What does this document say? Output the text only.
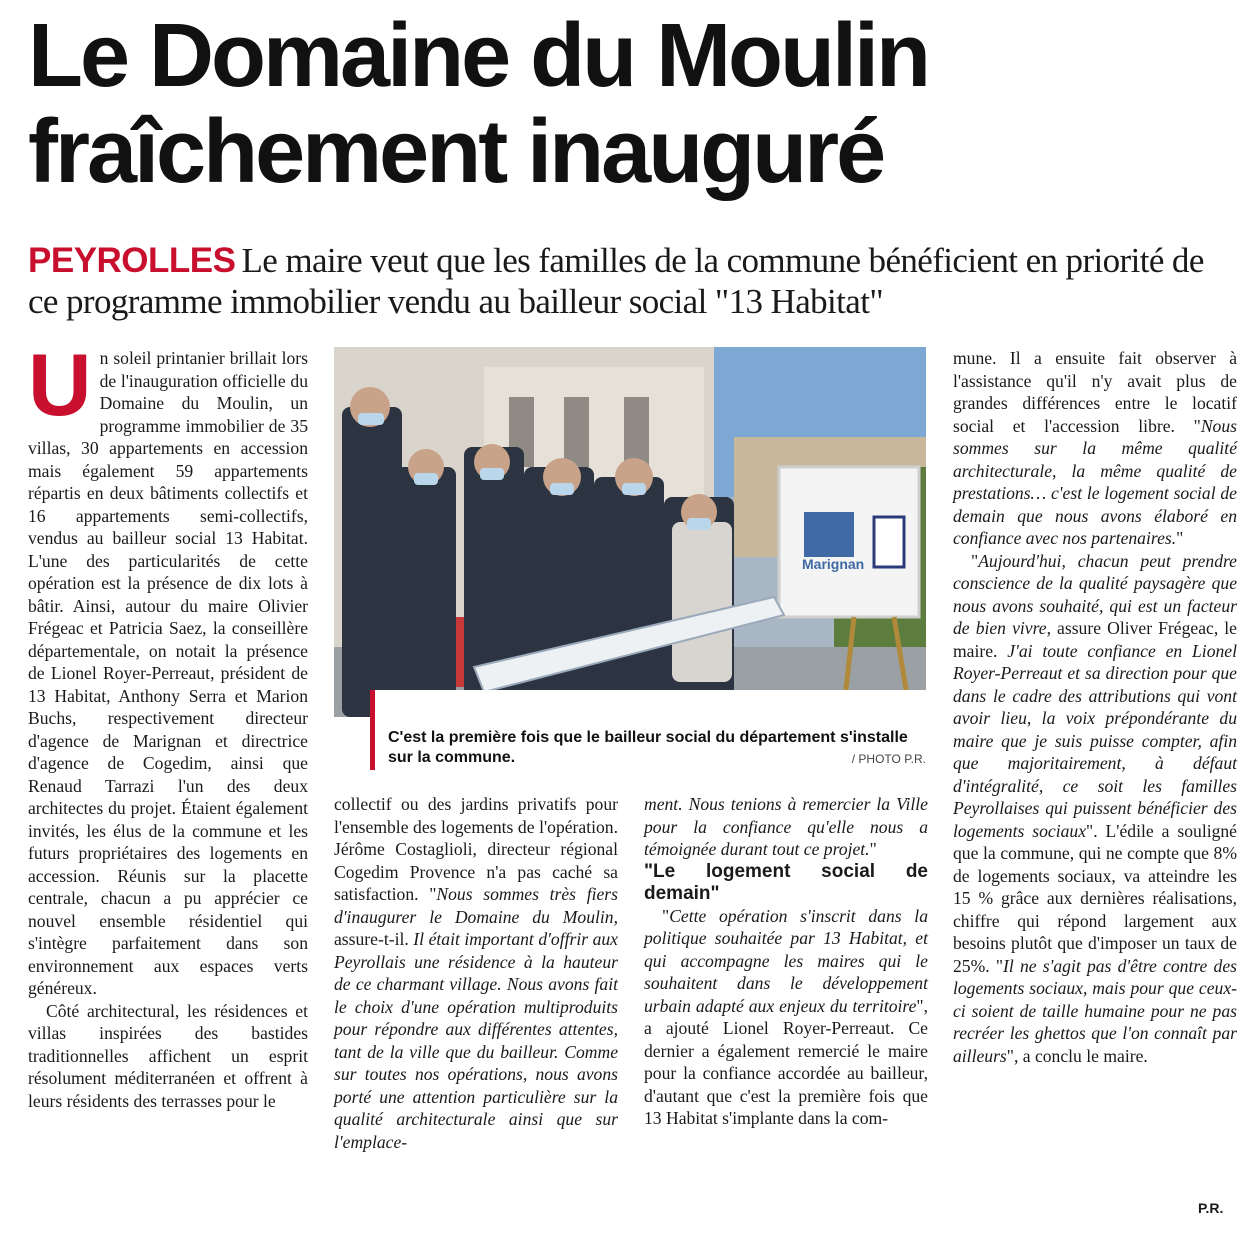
Le Domaine du Moulin
fraîchement inauguré

PEYROLLES Le maire veut que les familles de la commune bénéficient en priorité de ce programme immobilier vendu au bailleur social "13 Habitat"

Un soleil printanier brillait lors de l'inauguration officielle du Domaine du Moulin, un programme immobilier de 35 villas, 30 appartements en accession mais également 59 appartements répartis en deux bâtiments collectifs et 16 appartements semi-collectifs, vendus au bailleur social 13 Habitat. L'une des particularités de cette opération est la présence de dix lots à bâtir. Ainsi, autour du maire Olivier Frégeac et Patricia Saez, la conseillère départementale, on notait la présence de Lionel Royer-Perreaut, président de 13 Habitat, Anthony Serra et Marion Buchs, respectivement directeur d'agence de Marignan et directrice d'agence de Cogedim, ainsi que Renaud Tarrazi l'un des deux architectes du projet. Étaient également invités, les élus de la commune et les futurs propriétaires des logements en accession. Réunis sur la placette centrale, chacun a pu apprécier ce nouvel ensemble résidentiel qui s'intègre parfaitement dans son environnement aux espaces verts généreux.

Côté architectural, les résidences et villas inspirées des bastides traditionnelles affichent un esprit résolument méditerranéen et offrent à leurs résidents des terrasses pour le

Marignan

C'est la première fois que le bailleur social du département s'installe sur la commune.	/ PHOTO P.R.

collectif ou des jardins privatifs pour l'ensemble des logements de l'opération. Jérôme Costaglioli, directeur régional Cogedim Provence n'a pas caché sa satisfaction. "Nous sommes très fiers d'inaugurer le Domaine du Moulin, assure-t-il. Il était important d'offrir aux Peyrollais une résidence à la hauteur de ce charmant village. Nous avons fait le choix d'une opération multiproduits pour répondre aux différentes attentes, tant de la ville que du bailleur. Comme sur toutes nos opérations, nous avons porté une attention particulière sur la qualité architecturale ainsi que sur l'emplace-

ment. Nous tenions à remercier la Ville pour la confiance qu'elle nous a témoignée durant tout ce projet."

"Le logement social de demain"

"Cette opération s'inscrit dans la politique souhaitée par 13 Habitat, et qui accompagne les maires qui le souhaitent dans le développement urbain adapté aux enjeux du territoire", a ajouté Lionel Royer-Perreaut. Ce dernier a également remercié le maire pour la confiance accordée au bailleur, d'autant que c'est la première fois que 13 Habitat s'implante dans la com-

mune. Il a ensuite fait observer à l'assistance qu'il n'y avait plus de grandes différences entre le locatif social et l'accession libre. "Nous sommes sur la même qualité architecturale, la même qualité de prestations… c'est le logement social de demain que nous avons élaboré en confiance avec nos partenaires."

"Aujourd'hui, chacun peut prendre conscience de la qualité paysagère que nous avons souhaité, qui est un facteur de bien vivre, assure Oliver Frégeac, le maire. J'ai toute confiance en Lionel Royer-Perreaut et sa direction pour que dans le cadre des attributions qui vont avoir lieu, la voix prépondérante du maire que je suis puisse compter, afin que majoritairement, à défaut d'intégralité, ce soit les familles Peyrollaises qui puissent bénéficier des logements sociaux". L'édile a souligné que la commune, qui ne compte que 8% de logements sociaux, va atteindre les 15 % grâce aux dernières réalisations, chiffre qui répond largement aux besoins plutôt que d'imposer un taux de 25%. "Il ne s'agit pas d'être contre des logements sociaux, mais pour que ceux-ci soient de taille humaine pour ne pas recréer les ghettos que l'on connaît par ailleurs", a conclu le maire.

P.R.
